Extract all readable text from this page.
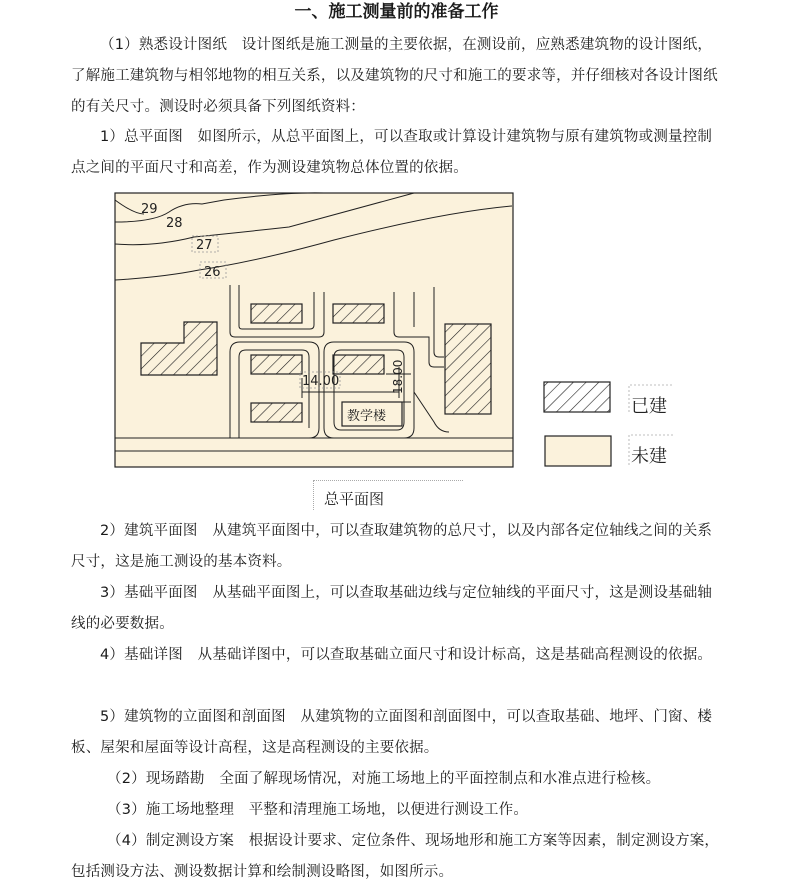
一、施工测量前的准备工作

（1）熟悉设计图纸　设计图纸是施工测量的主要依据，在测设前，应熟悉建筑物的设计图纸，了解施工建筑物与相邻地物的相互关系，以及建筑物的尺寸和施工的要求等，并仔细核对各设计图纸的有关尺寸。测设时必须具备下列图纸资料：

1）总平面图　如图所示，从总平面图上，可以查取或计算设计建筑物与原有建筑物或测量控制点之间的平面尺寸和高差，作为测设建筑物总体位置的依据。

29
28
27
26
教学楼
14.00	18.00
已建
未建
总平面图

2）建筑平面图　从建筑平面图中，可以查取建筑物的总尺寸，以及内部各定位轴线之间的关系尺寸，这是施工测设的基本资料。

3）基础平面图　从基础平面图上，可以查取基础边线与定位轴线的平面尺寸，这是测设基础轴线的必要数据。

4）基础详图　从基础详图中，可以查取基础立面尺寸和设计标高，这是基础高程测设的依据。

5）建筑物的立面图和剖面图　从建筑物的立面图和剖面图中，可以查取基础、地坪、门窗、楼板、屋架和屋面等设计高程，这是高程测设的主要依据。

（2）现场踏勘　全面了解现场情况，对施工场地上的平面控制点和水准点进行检核。

（3）施工场地整理　平整和清理施工场地，以便进行测设工作。

（4）制定测设方案　根据设计要求、定位条件、现场地形和施工方案等因素，制定测设方案，包括测设方法、测设数据计算和绘制测设略图，如图所示。
